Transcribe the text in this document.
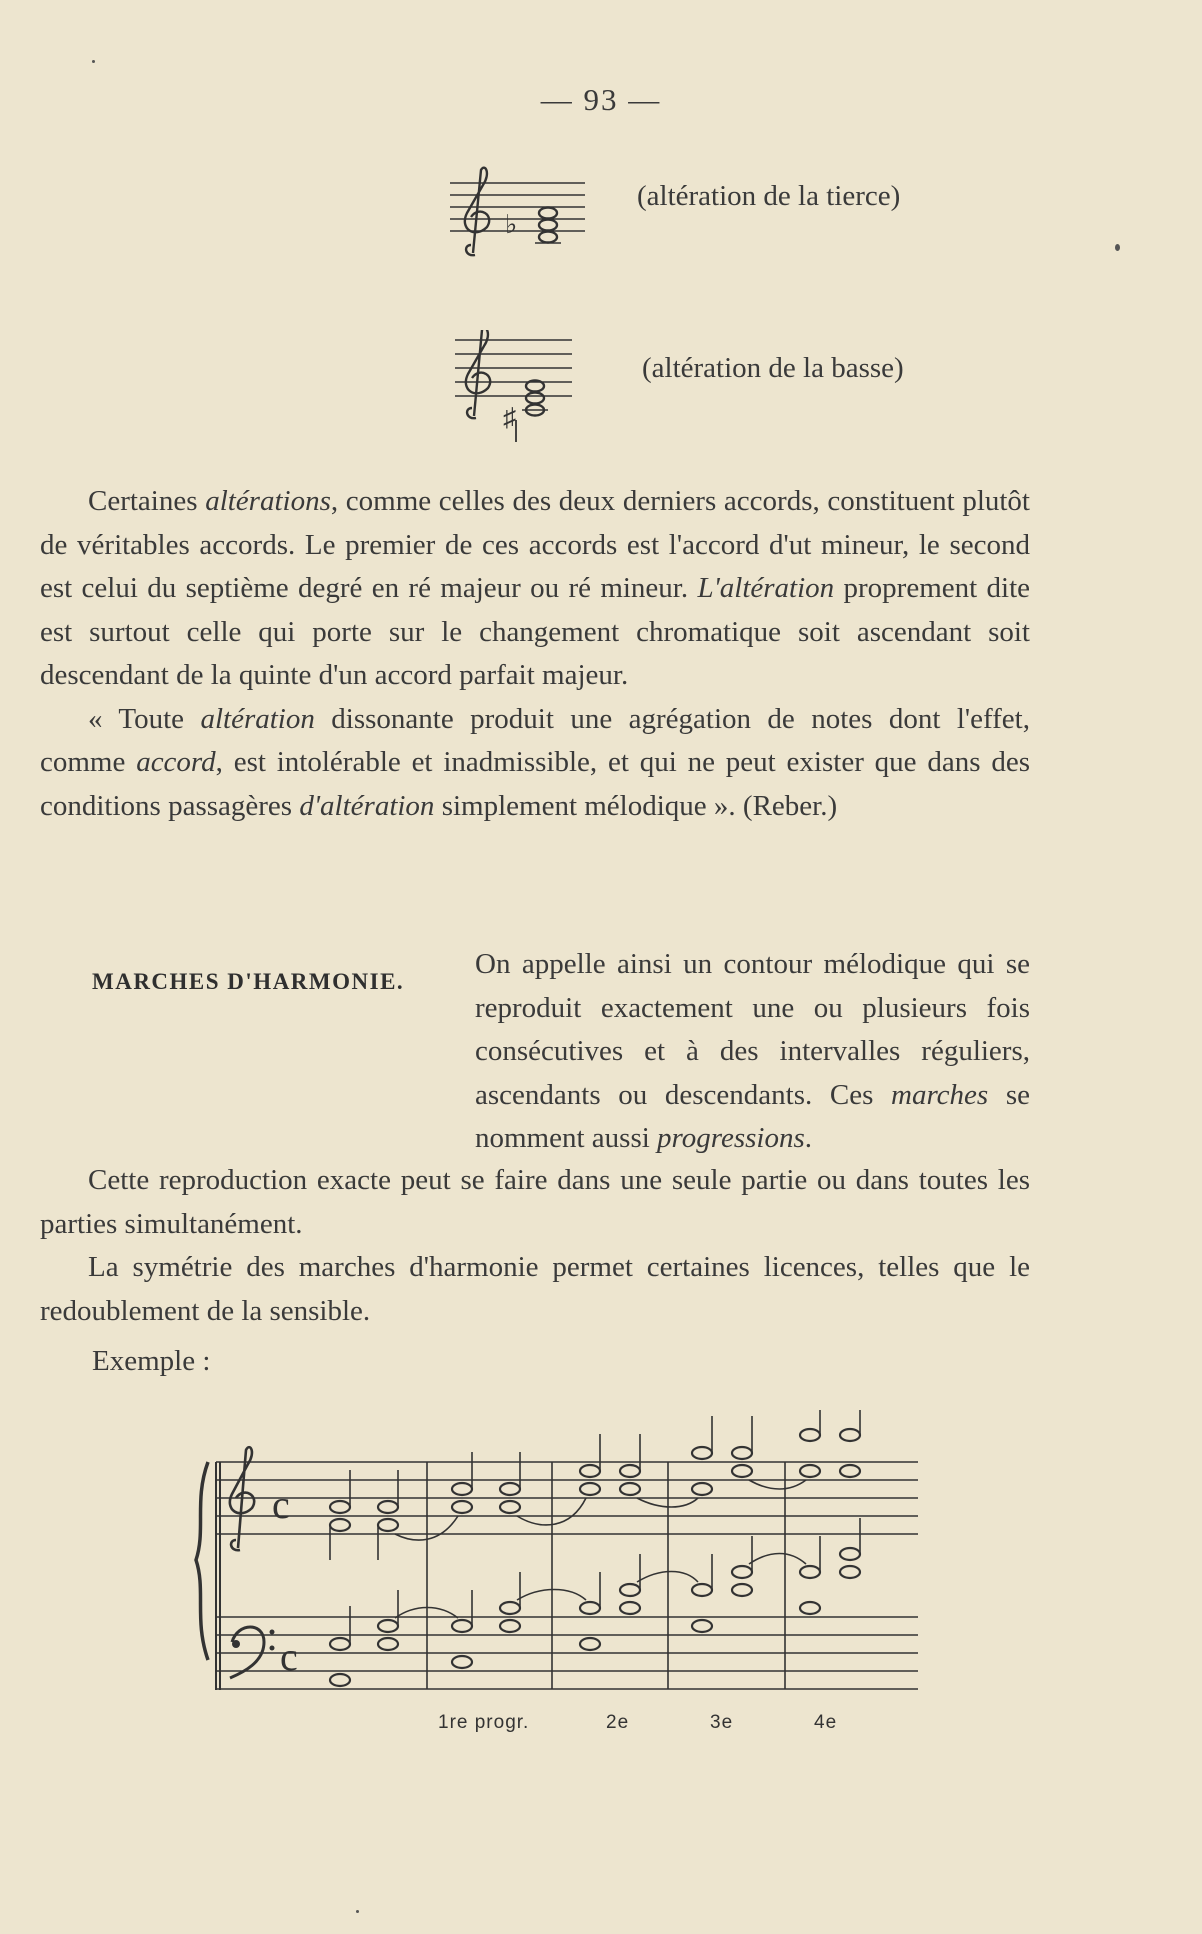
— 93 —
♭
(altération de la tierce)
♯
(altération de la basse)

Certaines altérations, comme celles des deux derniers accords, constituent plutôt de véritables accords. Le premier de ces accords est l'accord d'ut mineur, le second est celui du septième degré en ré majeur ou ré mineur. L'altération proprement dite est surtout celle qui porte sur le changement chromatique soit ascendant soit descendant de la quinte d'un accord parfait majeur.

« Toute altération dissonante produit une agrégation de notes dont l'effet, comme accord, est intolérable et inadmissible, et qui ne peut exister que dans des conditions passagères d'altération simplement mélodique ». (Reber.)

MARCHES D'HARMONIE.

On appelle ainsi un contour mélodique qui se reproduit exactement une ou plusieurs fois consécutives et à des intervalles réguliers, ascendants ou descendants. Ces marches se nomment aussi progressions.

Cette reproduction exacte peut se faire dans une seule partie ou dans toutes les parties simultanément.

La symétrie des marches d'harmonie permet certaines licences, telles que le redoublement de la sensible.

Exemple :
c
c
1re progr.	2e	3e	4e
